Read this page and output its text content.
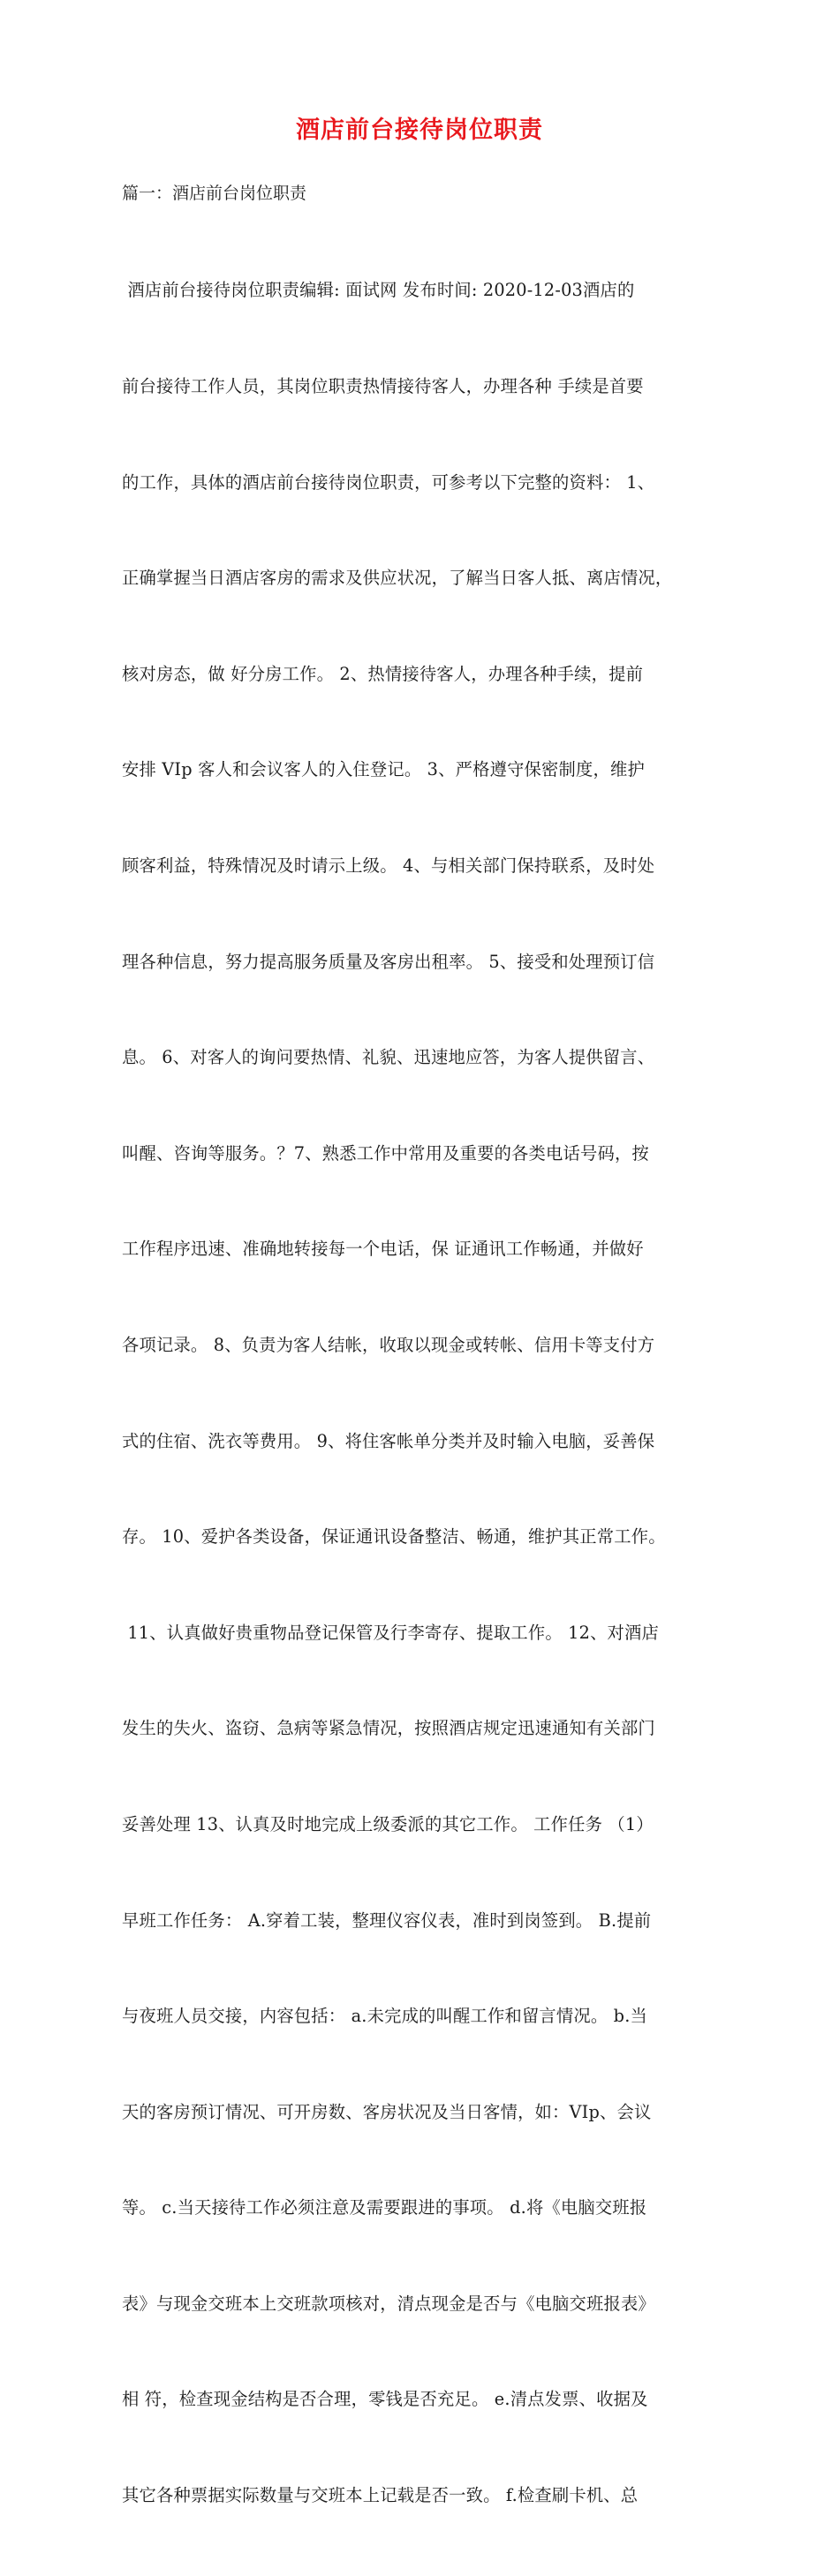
酒店前台接待岗位职责

篇一：酒店前台岗位职责

酒店前台接待岗位职责编辑: 面试网 发布时间: 2020-12-03酒店的

前台接待工作人员，其岗位职责热情接待客人，办理各种 手续是首要

的工作，具体的酒店前台接待岗位职责，可参考以下完整的资料： 1、

正确掌握当日酒店客房的需求及供应状况，了解当日客人抵、离店情况，

核对房态，做 好分房工作。 2、热情接待客人，办理各种手续，提前

安排 VIp 客人和会议客人的入住登记。 3、严格遵守保密制度，维护

顾客利益，特殊情况及时请示上级。 4、与相关部门保持联系，及时处

理各种信息，努力提高服务质量及客房出租率。 5、接受和处理预订信

息。 6、对客人的询问要热情、礼貌、迅速地应答，为客人提供留言、

叫醒、咨询等服务。？7、熟悉工作中常用及重要的各类电话号码，按

工作程序迅速、准确地转接每一个电话，保 证通讯工作畅通，并做好

各项记录。 8、负责为客人结帐，收取以现金或转帐、信用卡等支付方

式的住宿、洗衣等费用。 9、将住客帐单分类并及时输入电脑，妥善保

存。 10、爱护各类设备，保证通讯设备整洁、畅通，维护其正常工作。

11、认真做好贵重物品登记保管及行李寄存、提取工作。 12、对酒店

发生的失火、盗窃、急病等紧急情况，按照酒店规定迅速通知有关部门

妥善处理 13、认真及时地完成上级委派的其它工作。 工作任务 （1）

早班工作任务： A.穿着工装，整理仪容仪表，准时到岗签到。 B.提前

与夜班人员交接，内容包括： a.未完成的叫醒工作和留言情况。 b.当

天的客房预订情况、可开房数、客房状况及当日客情，如：VIp、会议

等。 c.当天接待工作必须注意及需要跟进的事项。 d.将《电脑交班报

表》与现金交班本上交班款项核对，清点现金是否与《电脑交班报表》

相 符，检查现金结构是否合理，零钱是否充足。 e.清点发票、收据及

其它各种票据实际数量与交班本上记载是否一致。 f.检查刷卡机、总
